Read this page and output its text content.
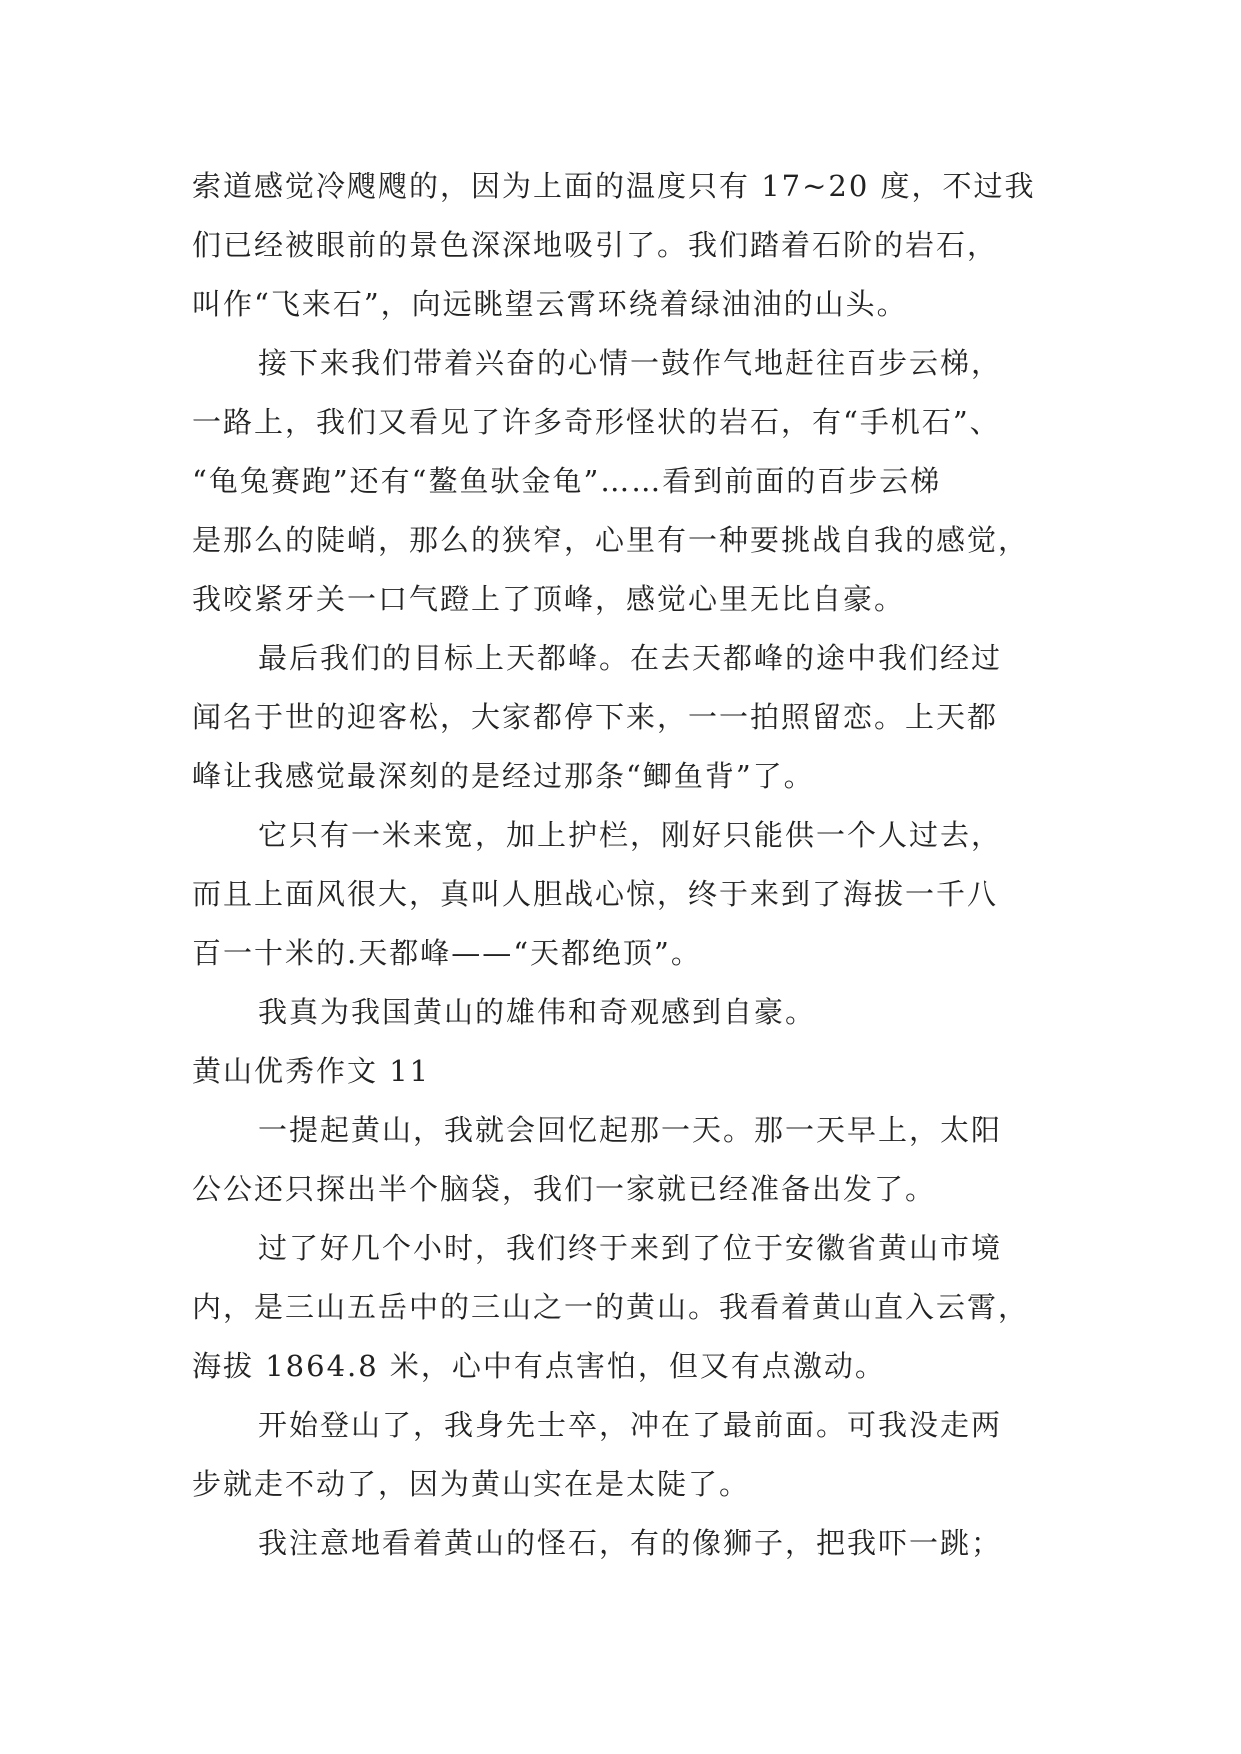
索道感觉冷飕飕的，因为上面的温度只有 17~20 度，不过我
们已经被眼前的景色深深地吸引了。我们踏着石阶的岩石，
叫作“飞来石”，向远眺望云霄环绕着绿油油的山头。
接下来我们带着兴奋的心情一鼓作气地赶往百步云梯，
一路上，我们又看见了许多奇形怪状的岩石，有“手机石”、
“龟兔赛跑”还有“鳌鱼驮金龟”……看到前面的百步云梯
是那么的陡峭，那么的狭窄，心里有一种要挑战自我的感觉，
我咬紧牙关一口气蹬上了顶峰，感觉心里无比自豪。
最后我们的目标上天都峰。在去天都峰的途中我们经过
闻名于世的迎客松，大家都停下来，一一拍照留恋。上天都
峰让我感觉最深刻的是经过那条“鲫鱼背”了。
它只有一米来宽，加上护栏，刚好只能供一个人过去，
而且上面风很大，真叫人胆战心惊，终于来到了海拔一千八
百一十米的.天都峰——“天都绝顶”。
我真为我国黄山的雄伟和奇观感到自豪。
黄山优秀作文 11
一提起黄山，我就会回忆起那一天。那一天早上，太阳
公公还只探出半个脑袋，我们一家就已经准备出发了。
过了好几个小时，我们终于来到了位于安徽省黄山市境
内，是三山五岳中的三山之一的黄山。我看着黄山直入云霄，
海拔 1864.8 米，心中有点害怕，但又有点激动。
开始登山了，我身先士卒，冲在了最前面。可我没走两
步就走不动了，因为黄山实在是太陡了。
我注意地看着黄山的怪石，有的像狮子，把我吓一跳；
